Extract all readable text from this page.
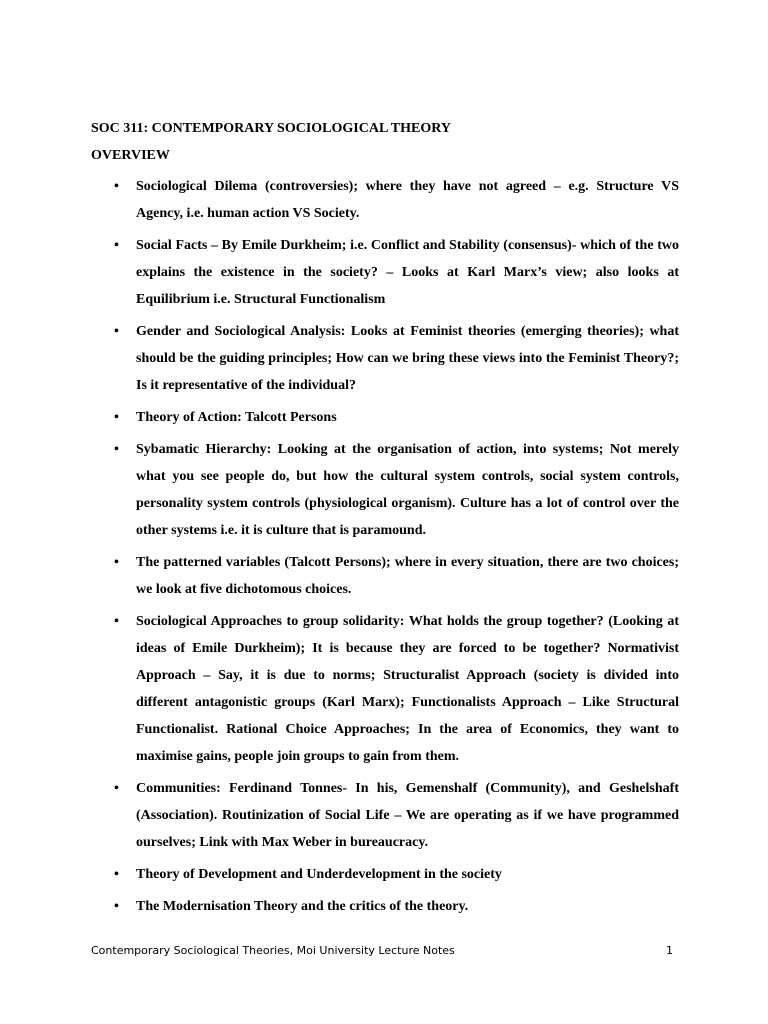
SOC 311: CONTEMPORARY SOCIOLOGICAL THEORY
OVERVIEW
• Sociological Dilema (controversies); where they have not agreed – e.g. Structure VS Agency, i.e. human action VS Society.
• Social Facts – By Emile Durkheim; i.e. Conflict and Stability (consensus)- which of the two explains the existence in the society? – Looks at Karl Marx’s view; also looks at Equilibrium i.e. Structural Functionalism
• Gender and Sociological Analysis: Looks at Feminist theories (emerging theories); what should be the guiding principles; How can we bring these views into the Feminist Theory?; Is it representative of the individual?
• Theory of Action: Talcott Persons
• Sybamatic Hierarchy: Looking at the organisation of action, into systems; Not merely what you see people do, but how the cultural system controls, social system controls, personality system controls (physiological organism). Culture has a lot of control over the other systems i.e. it is culture that is paramound.
• The patterned variables (Talcott Persons); where in every situation, there are two choices; we look at five dichotomous choices.
• Sociological Approaches to group solidarity: What holds the group together? (Looking at ideas of Emile Durkheim); It is because they are forced to be together? Normativist Approach – Say, it is due to norms; Structuralist Approach (society is divided into different antagonistic groups (Karl Marx); Functionalists Approach – Like Structural Functionalist. Rational Choice Approaches; In the area of Economics, they want to maximise gains, people join groups to gain from them.
• Communities: Ferdinand Tonnes- In his, Gemenshalf (Community), and Geshelshaft (Association). Routinization of Social Life – We are operating as if we have programmed ourselves; Link with Max Weber in bureaucracy.
• Theory of Development and Underdevelopment in the society
• The Modernisation Theory and the critics of the theory.
Contemporary Sociological Theories, Moi University Lecture Notes	1
